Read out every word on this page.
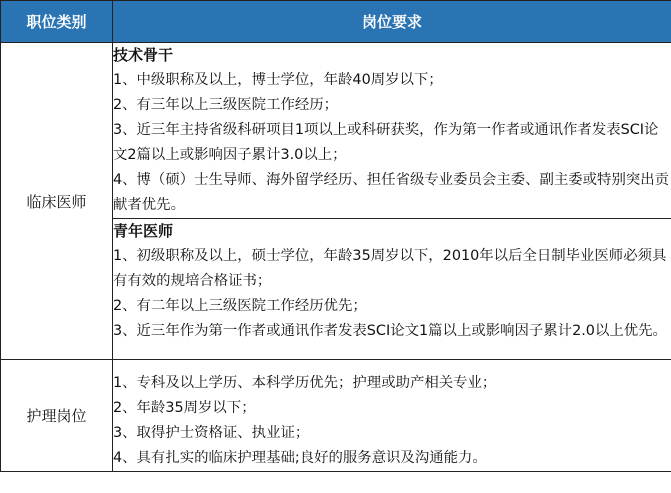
职位类别	岗位要求
临床医师	技术骨干
1、中级职称及以上，博士学位，年龄40周岁以下；
2、有三年以上三级医院工作经历；
3、近三年主持省级科研项目1项以上或科研获奖，作为第一作者或通讯作者发表SCI论文2篇以上或影响因子累计3.0以上；
4、博（硕）士生导师、海外留学经历、担任省级专业委员会主委、副主委或特别突出贡献者优先。

	青年医师
1、初级职称及以上，硕士学位，年龄35周岁以下，2010年以后全日制毕业医师必须具有有效的规培合格证书；
2、有二年以上三级医院工作经历优先；
3、近三年作为第一作者或通讯作者发表SCI论文1篇以上或影响因子累计2.0以上优先。

护理岗位	1、专科及以上学历、本科学历优先；护理或助产相关专业；
2、年龄35周岁以下；
3、取得护士资格证、执业证；
4、具有扎实的临床护理基础;良好的服务意识及沟通能力。
